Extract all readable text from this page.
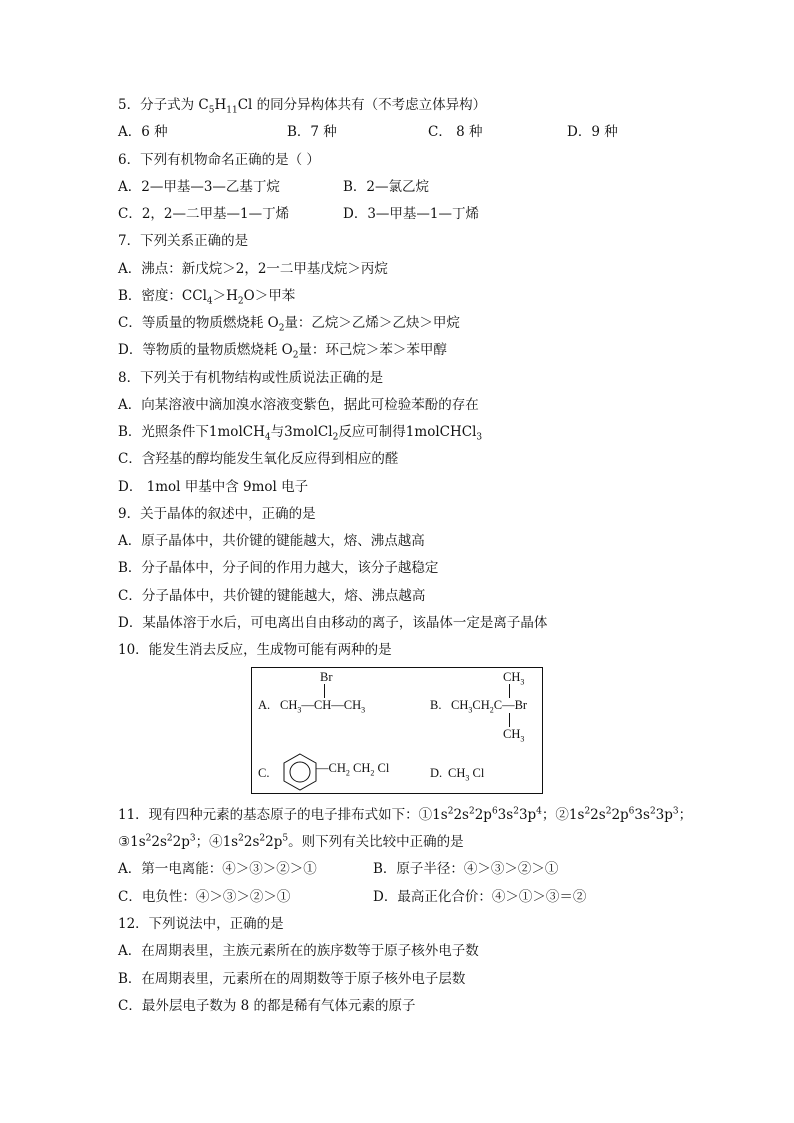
5．分子式为 $C_5H_{11}Cl$ 的同分异构体共有（不考虑立体异构）
A．6 种	B．7 种	C． 8 种	D．9 种
6．下列有机物命名正确的是（ ）
A．2—甲基—3—乙基丁烷	B．2—氯乙烷
C．2，2—二甲基—1—丁烯	D．3—甲基—1—丁烯
7．下列关系正确的是
A．沸点：新戊烷＞2，2一二甲基戊烷＞丙烷
B．密度：$CCl_4>H_2O>$甲苯
C．等质量的物质燃烧耗 $O_2$量：乙烷＞乙烯＞乙炔＞甲烷
D．等物质的量物质燃烧耗 $O_2$量：环己烷＞苯＞苯甲醇
8．下列关于有机物结构或性质说法正确的是
A．向某溶液中滴加溴水溶液变紫色，据此可检验苯酚的存在
B．光照条件下1molCH$_4$与3molCl$_2$反应可制得1molCHCl$_3$
C．含羟基的醇均能发生氧化反应得到相应的醛
D． 1mol 甲基中含 9mol 电子
9．关于晶体的叙述中，正确的是
A．原子晶体中，共价键的键能越大，熔、沸点越高
B．分子晶体中，分子间的作用力越大，该分子越稳定
C．分子晶体中，共价键的键能越大，熔、沸点越高
D．某晶体溶于水后，可电离出自由移动的离子，该晶体一定是离子晶体
10．能发生消去反应，生成物可能有两种的是
A.
Br
$CH_3—CH—CH_3$	B.
$CH_3$
$CH_3CH_2C—Br$
$CH_3$
C.	$—CH_2$ $CH_2$ Cl	D. $CH_3$ Cl
11．现有四种元素的基态原子的电子排布式如下：$①1s^22s^22p^63s^23p^4$；$②1s^22s^22p^63s^23p^3$；
$③1s^22s^22p^3$；$④1s^22s^22p^5$。则下列有关比较中正确的是
A．第一电离能：④＞③＞②＞①	B．原子半径：④＞③＞②＞①
C．电负性：④＞③＞②＞①	D．最高正化合价：④＞①＞③＝②
12．下列说法中，正确的是
A．在周期表里，主族元素所在的族序数等于原子核外电子数
B．在周期表里，元素所在的周期数等于原子核外电子层数
C．最外层电子数为 8 的都是稀有气体元素的原子
